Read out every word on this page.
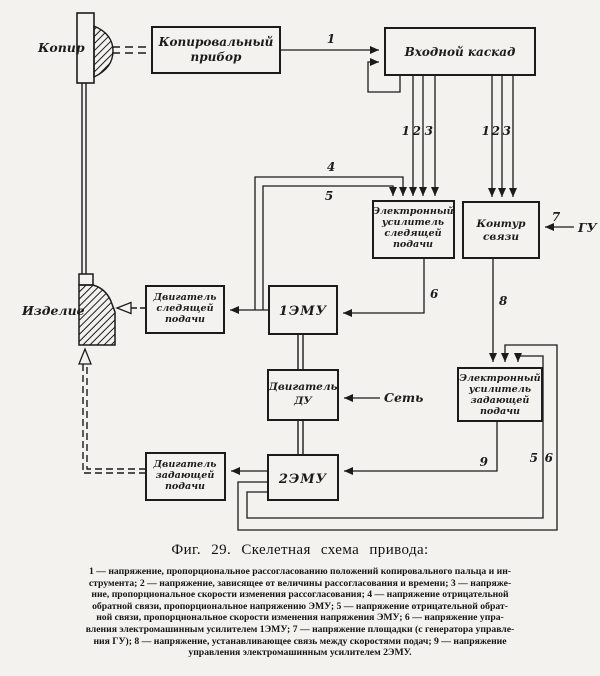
1
1 2 3	1 2 3
4
5
6
7
8
9	5 6
Копировальный
прибор	Входной каскад
Электронный
усилитель
следящей
подачи
Контур
связи
Двигатель
следящей
подачи
1ЭМУ
Двигатель
ДУ
Электронный
усилитель
задающей
подачи
Двигатель
задающей
подачи	2ЭМУ
Копир
Изделие
Сеть
ГУ
Фиг. 29. Скелетная схема привода:
1 — напряжение, пропорциональное рассогласованию положений копировального пальца и ин-
струмента; 2 — напряжение, зависящее от величины рассогласования и времени; 3 — напряже-
ние, пропорциональное скорости изменения рассогласования; 4 — напряжение отрицательной
обратной связи, пропорциональное напряжению ЭМУ; 5 — напряжение отрицательной обрат-
ной связи, пропорциональное скорости изменения напряжения ЭМУ; 6 — напряжение упра-
вления электромашинным усилителем 1ЭМУ; 7 — напряжение площадки (с генератора управле-
ния ГУ); 8 — напряжение, устанавливающее связь между скоростями подач; 9 — напряжение
управления электромашинным усилителем 2ЭМУ.
